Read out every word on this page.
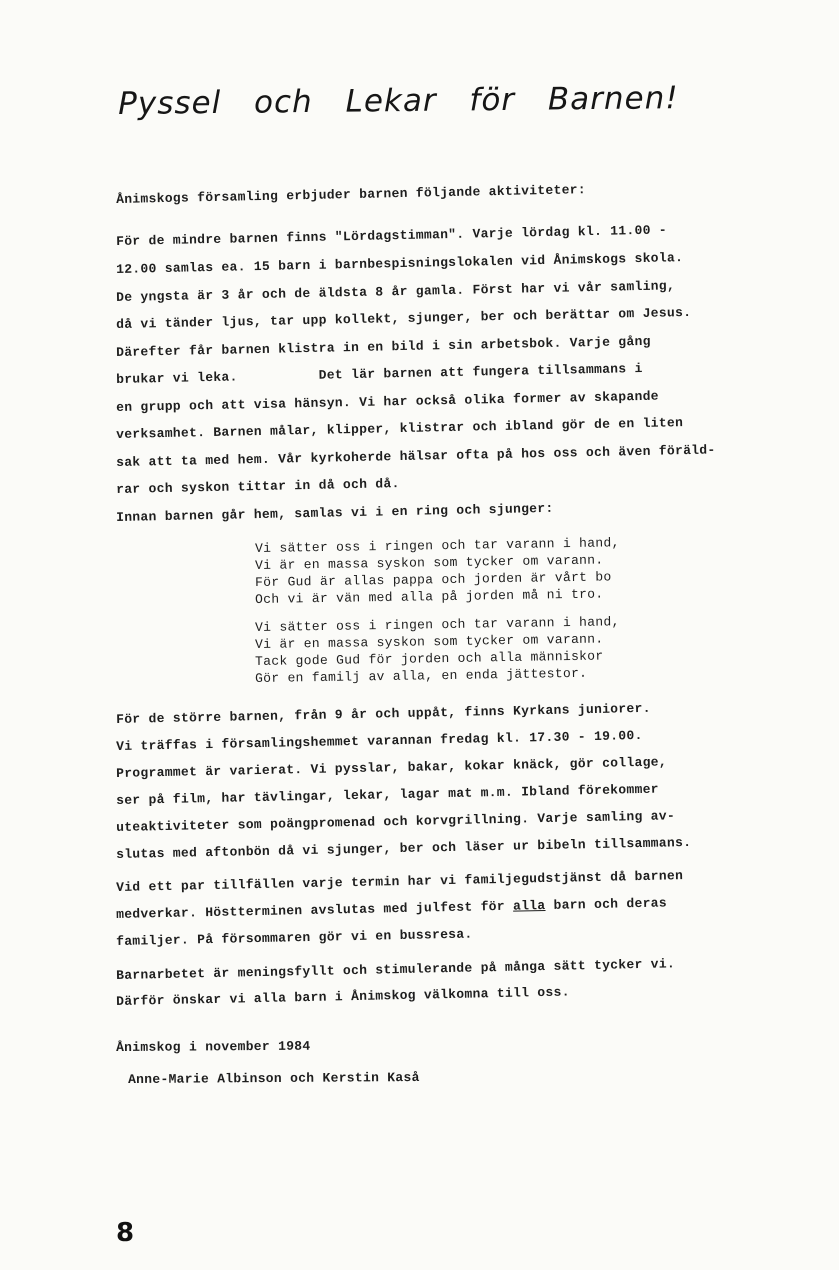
Pyssel och Lekar för Barnen!
Ånimskogs församling erbjuder barnen följande aktiviteter:
För de mindre barnen finns "Lördagstimman". Varje lördag kl. 11.00 -
12.00 samlas ea. 15 barn i barnbespisningslokalen vid Ånimskogs skola.
De yngsta är 3 år och de äldsta 8 år gamla. Först har vi vår samling,
då vi tänder ljus, tar upp kollekt, sjunger, ber och berättar om Jesus.
Därefter får barnen klistra in en bild i sin arbetsbok. Varje gång
brukar vi leka.          Det lär barnen att fungera tillsammans i
en grupp och att visa hänsyn. Vi har också olika former av skapande
verksamhet. Barnen målar, klipper, klistrar och ibland gör de en liten
sak att ta med hem. Vår kyrkoherde hälsar ofta på hos oss och även föräld-
rar och syskon tittar in då och då.
Innan barnen går hem, samlas vi i en ring och sjunger:
Vi sätter oss i ringen och tar varann i hand,
Vi är en massa syskon som tycker om varann.
För Gud är allas pappa och jorden är vårt bo
Och vi är vän med alla på jorden må ni tro.
Vi sätter oss i ringen och tar varann i hand,
Vi är en massa syskon som tycker om varann.
Tack gode Gud för jorden och alla människor
Gör en familj av alla, en enda jättestor.
För de större barnen, från 9 år och uppåt, finns Kyrkans juniorer.
Vi träffas i församlingshemmet varannan fredag kl. 17.30 - 19.00.
Programmet är varierat. Vi pysslar, bakar, kokar knäck, gör collage,
ser på film, har tävlingar, lekar, lagar mat m.m. Ibland förekommer
uteaktiviteter som poängpromenad och korvgrillning. Varje samling av-
slutas med aftonbön då vi sjunger, ber och läser ur bibeln tillsammans.
Vid ett par tillfällen varje termin har vi familjegudstjänst då barnen
medverkar. Höstterminen avslutas med julfest för alla barn och deras
familjer. På försommaren gör vi en bussresa.
Barnarbetet är meningsfyllt och stimulerande på många sätt tycker vi.
Därför önskar vi alla barn i Ånimskog välkomna till oss.
Ånimskog i november 1984
Anne-Marie Albinson och Kerstin Kaså
8
